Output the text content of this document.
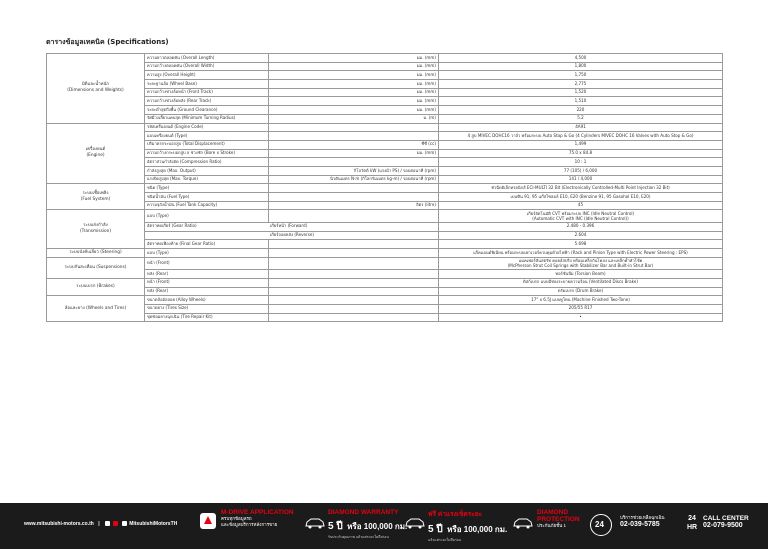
ตารางข้อมูลเทคนิค (Specifications)
มิติและน้ำหนัก
(Dimensions and Weights)	ความยาวตลอดคัน (Overall Length)	มม. (mm)	4,500
	ความกว้างตลอดคัน (Overall Width)	มม. (mm)	1,800
	ความสูง (Overall Height)	มม. (mm)	1,750
	ระยะฐานล้อ (Wheel Base)	มม. (mm)	2,775
	ความกว้างช่วงล้อหน้า (Front Track)	มม. (mm)	1,520
	ความกว้างช่วงล้อหลัง (Rear Track)	มม. (mm)	1,510
	ระยะต่ำสุดถึงพื้น (Ground Clearance)	มม. (mm)	220
	รัศมีวงเลี้ยวแคบสุด (Minimum Turning Radius)	ม. (m)	5.2
เครื่องยนต์
(Engine)	รหัสเครื่องยนต์ (Engine Code)		4A91
	แบบเครื่องยนต์ (Type)		4 สูบ MIVEC DOHC16 วาล์ว พร้อมระบบ Auto Stop & Go (4 Cylinders MIVEC DOHC 16 Valves with Auto Stop & Go)
	ปริมาตรกระบอกสูบ (Total Displacement)	ซีซี (cc)	1,499
	ความกว้างกระบอกสูบ x ช่วงชัก (Bore x Stroke)	มม. (mm)	75.0 x 84.8
	อัตราส่วนกำลังอัด (Compression Ratio)		10 : 1
	กำลังสูงสุด (Max. Output)	กิโลวัตต์ kW (แรงม้า PS) / รอบต่อนาที (rpm)	77 (105) / 6,000
	แรงบิดสูงสุด (Max. Torque)	นิวตันเมตร N·m (กิโลกรัมเมตร kg-m) / รอบต่อนาที (rpm)	141 / 4,000
ระบบเชื้อเพลิง
(Fuel System)	ชนิด (Type)		หัวฉีดอิเล็กทรอนิกส์ ECI-MULTI 32 Bit (Electronically Controlled-Multi Point Injection 32 Bit)
	ชนิดน้ำมัน (Fuel Type)		เบนซิน 91, 95 แก๊สโซฮอล์ E10, E20 (Benzine 91, 95 Gasohol E10, E20)
	ความจุถังน้ำมัน (Fuel Tank Capacity)	ลิตร (litre)	45
ระบบส่งกำลัง
(Transmission)	แบบ (Type)		เกียร์อัตโนมัติ CVT พร้อมระบบ INC (Idle Neutral Control)
(Automatic CVT with INC (Idle Neutral Control))
	อัตราทดเกียร์ (Gear Ratio) เกียร์หน้า (Forward)		2.480 - 0.396
	เกียร์ถอยหลัง (Reverse)		2.604
	อัตราทดเฟืองท้าย (Final Gear Ratio)		5.698
ระบบบังคับเลี้ยว (Steering)	แบบ (Type)		แร็คแอนด์พิเนียน พร้อมระบบเพาเวอร์ควบคุมด้วยไฟฟ้า (Rack and Pinion Type with Electric Power Steering : EPS)
ระบบกันสะเทือน (Suspensions)	หน้า (Front)		แมคเฟอร์สันสตรัท คอยล์สปริง พร้อมเหล็กกันโคลง และเหล็กค้ำหัวโช้ค
(McPherson Strut Coil Springs with Stabilizer Bar and Built-in Strut Bar)
	หลัง (Rear)		ทอร์ชั่นบีม (Torsion Beam)
ระบบเบรก (Brakes)	หน้า (Front)		ดิสก์เบรก แบบมีช่องระบายความร้อน (Ventilated Discs Brake)
	หลัง (Rear)		ดรัมเบรก (Drum Brake)
ล้อและยาง (Wheels and Tires)	ขนาดล้ออัลลอย (Alloy Wheels)		17" x 6.5J แบบทูโทน (Machine Finished Two-Tone)
	ขนาดยาง (Tires Size)		205/55 R17
	ชุดซ่อมยางฉุกเฉิน (Tire Repair Kit)		•
www.mitsubishi-motors.co.th |	MitsubishiMotorsTH
M-DRIVE APPLICATION
ครบทุกข้อมูลรถ
และข้อมูลบริการหลังการขาย
DIAMOND WARRANTY
5 ปี หรือ 100,000 กม.
รับประกันคุณภาพ แล้วแต่ระยะใดถึงก่อน
ฟรี ค่าแรงเช็คระยะ
5 ปี หรือ 100,000 กม.
แล้วแต่ระยะใดถึงก่อน
DIAMOND
PROTECTION
ประกันภัยชั้น 1	24
บริการช่วยเหลือฉุกเฉิน
02-039-5785
24
HR
CALL CENTER
02-079-9500
